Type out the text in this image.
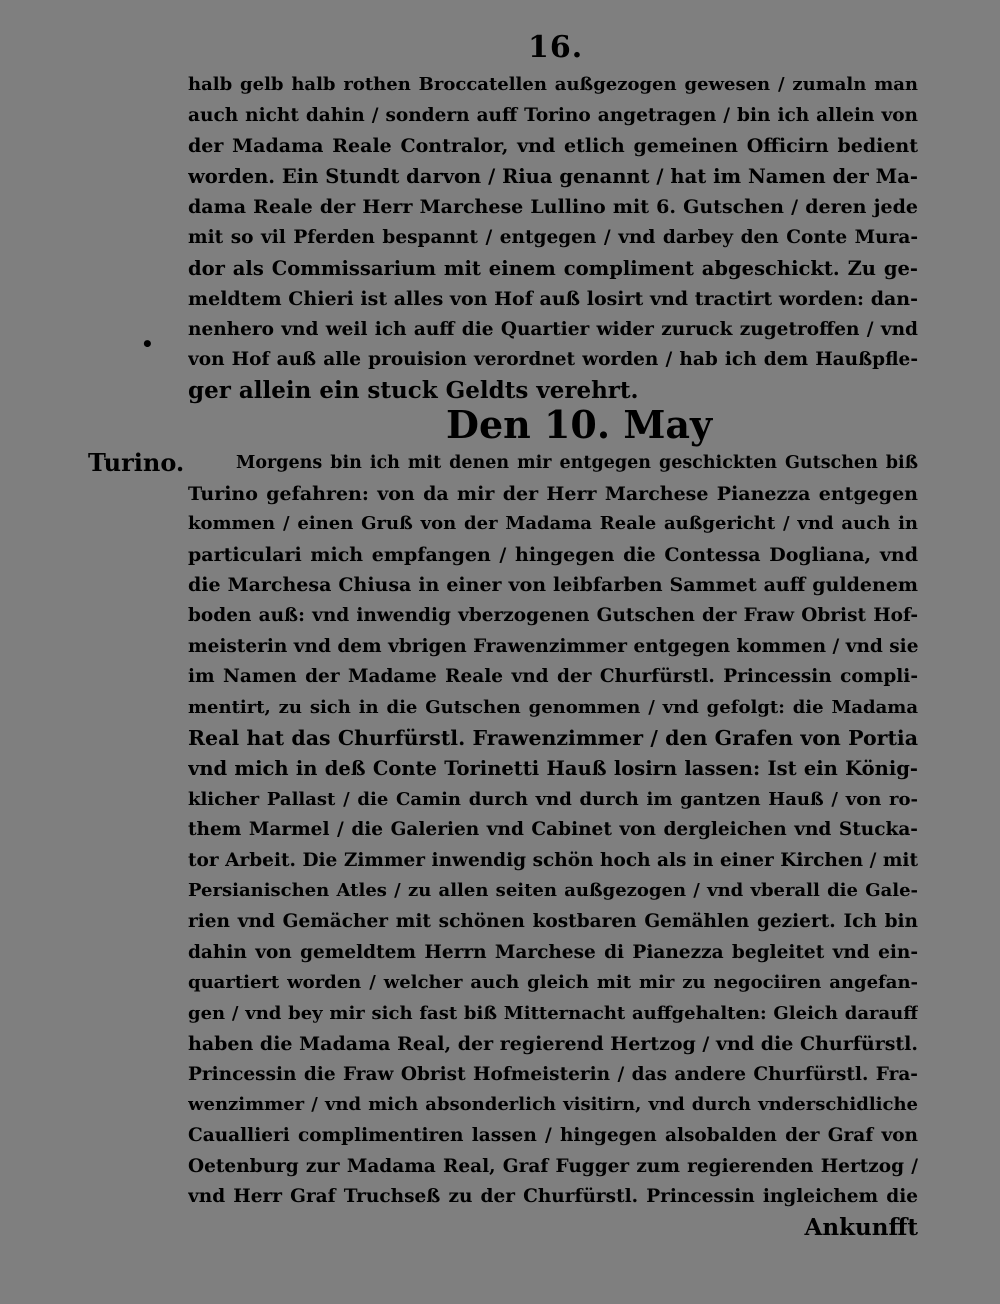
16.
•
halb gelb halb rothen Broccatellen außgezogen gewesen / zumaln man
auch nicht dahin / sondern auff Torino angetragen / bin ich allein von
der Madama Reale Contralor, vnd etlich gemeinen Officirn bedient
worden. Ein Stundt darvon / Riua genannt / hat im Namen der Ma-
dama Reale der Herr Marchese Lullino mit 6. Gutschen / deren jede
mit so vil Pferden bespannt / entgegen / vnd darbey den Conte Mura-
dor als Commissarium mit einem compliment abgeschickt. Zu ge-
meldtem Chieri ist alles von Hof auß losirt vnd tractirt worden: dan-
nenhero vnd weil ich auff die Quartier wider zuruck zugetroffen / vnd
von Hof auß alle prouision verordnet worden / hab ich dem Haußpfle-
ger allein ein stuck Geldts verehrt.
Den 10. May
Turino.	Morgens bin ich mit denen mir entgegen geschickten Gutschen biß
Turino gefahren: von da mir der Herr Marchese Pianezza entgegen
kommen / einen Gruß von der Madama Reale außgericht / vnd auch in
particulari mich empfangen / hingegen die Contessa Dogliana, vnd
die Marchesa Chiusa in einer von leibfarben Sammet auff guldenem
boden auß: vnd inwendig vberzogenen Gutschen der Fraw Obrist Hof-
meisterin vnd dem vbrigen Frawenzimmer entgegen kommen / vnd sie
im Namen der Madame Reale vnd der Churfürstl. Princessin compli-
mentirt, zu sich in die Gutschen genommen / vnd gefolgt: die Madama
Real hat das Churfürstl. Frawenzimmer / den Grafen von Portia
vnd mich in deß Conte Torinetti Hauß losirn lassen: Ist ein König-
klicher Pallast / die Camin durch vnd durch im gantzen Hauß / von ro-
them Marmel / die Galerien vnd Cabinet von dergleichen vnd Stucka-
tor Arbeit. Die Zimmer inwendig schön hoch als in einer Kirchen / mit
Persianischen Atles / zu allen seiten außgezogen / vnd vberall die Gale-
rien vnd Gemächer mit schönen kostbaren Gemählen geziert. Ich bin
dahin von gemeldtem Herrn Marchese di Pianezza begleitet vnd ein-
quartiert worden / welcher auch gleich mit mir zu negociiren angefan-
gen / vnd bey mir sich fast biß Mitternacht auffgehalten: Gleich darauff
haben die Madama Real, der regierend Hertzog / vnd die Churfürstl.
Princessin die Fraw Obrist Hofmeisterin / das andere Churfürstl. Fra-
wenzimmer / vnd mich absonderlich visitirn, vnd durch vnderschidliche
Cauallieri complimentiren lassen / hingegen alsobalden der Graf von
Oetenburg zur Madama Real, Graf Fugger zum regierenden Hertzog /
vnd Herr Graf Truchseß zu der Churfürstl. Princessin ingleichem die
Ankunfft
